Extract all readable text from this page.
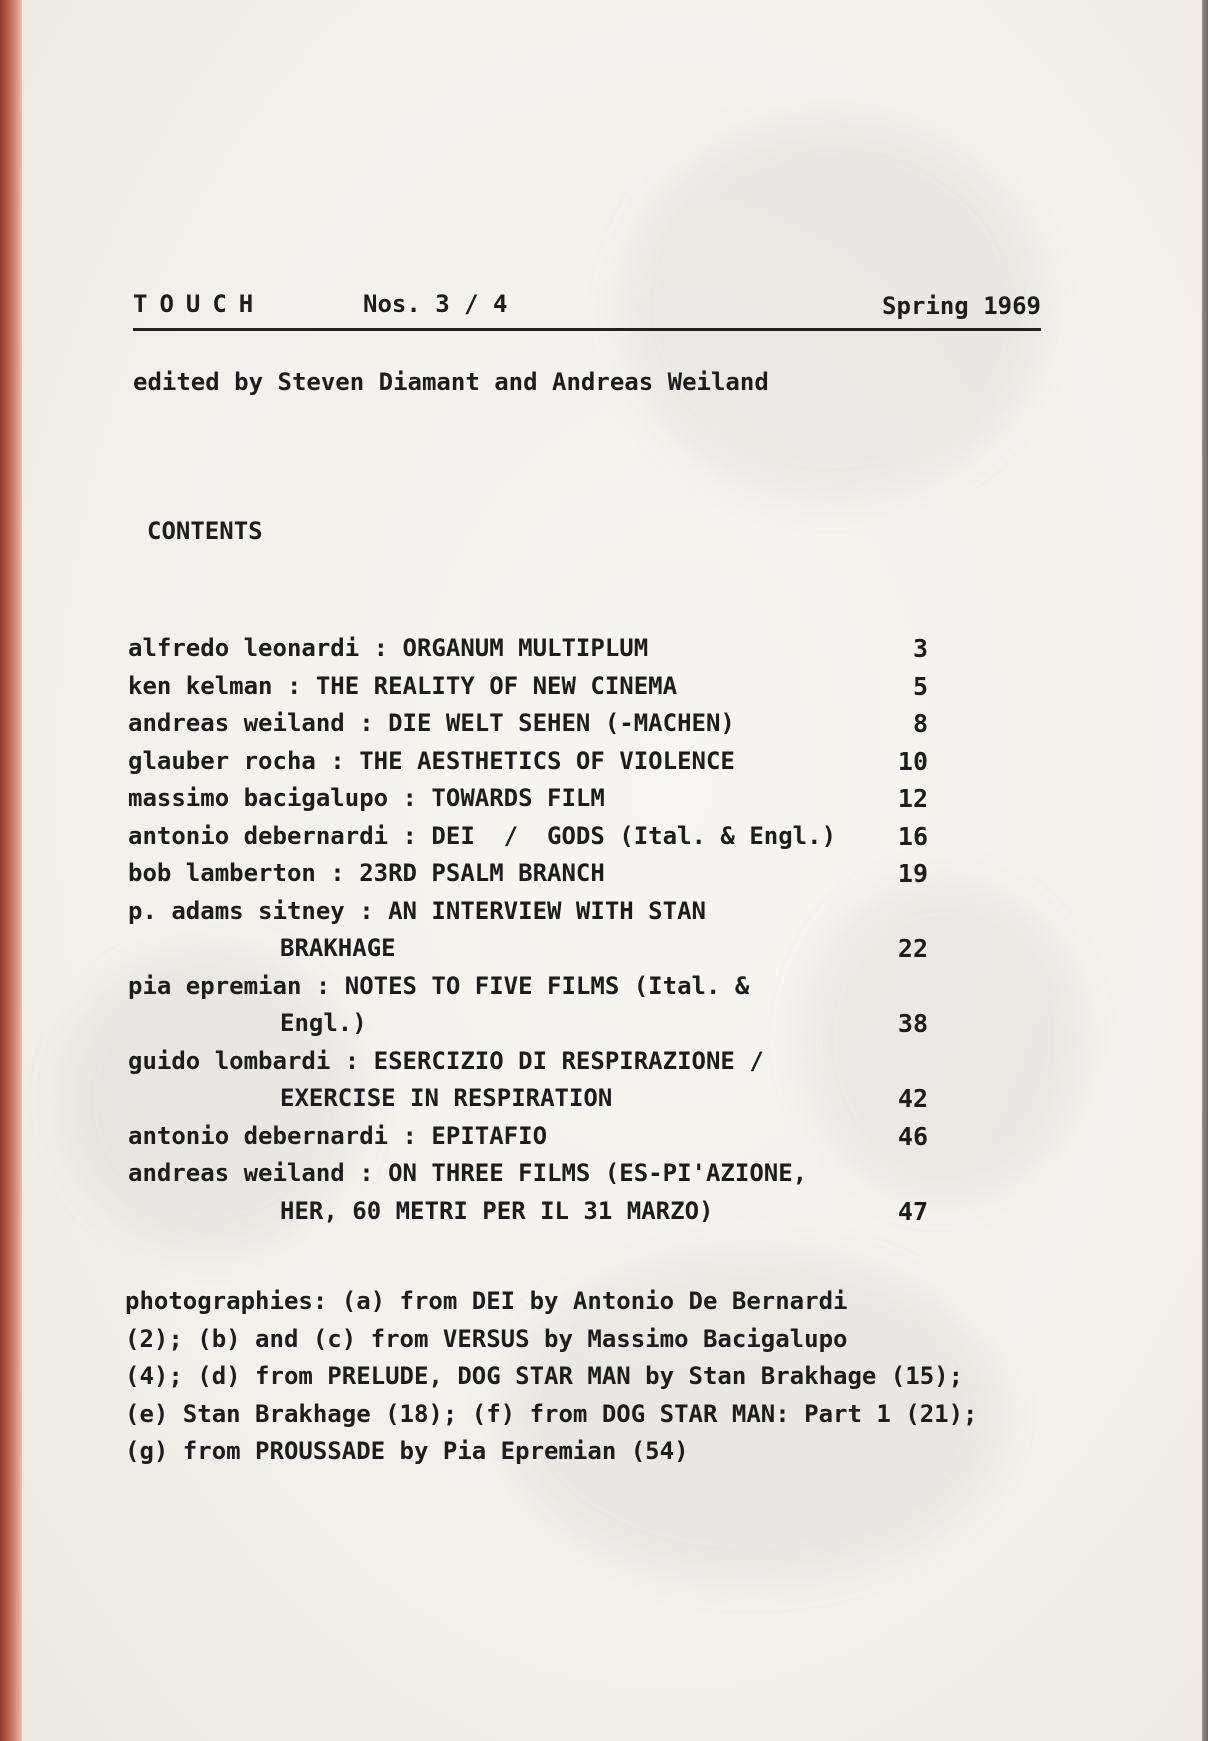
TOUCH	Nos. 3 / 4	Spring 1969
edited by Steven Diamant and Andreas Weiland
CONTENTS
alfredo leonardi : ORGANUM MULTIPLUM	3
ken kelman : THE REALITY OF NEW CINEMA	5
andreas weiland : DIE WELT SEHEN (-MACHEN)	8
glauber rocha : THE AESTHETICS OF VIOLENCE	10
massimo bacigalupo : TOWARDS FILM	12
antonio debernardi : DEI  /  GODS (Ital. & Engl.)	16
bob lamberton : 23RD PSALM BRANCH	19
p. adams sitney : AN INTERVIEW WITH STAN
BRAKHAGE	22
pia epremian : NOTES TO FIVE FILMS (Ital. &
Engl.)	38
guido lombardi : ESERCIZIO DI RESPIRAZIONE /
EXERCISE IN RESPIRATION	42
antonio debernardi : EPITAFIO	46
andreas weiland : ON THREE FILMS (ES-PI'AZIONE,
HER, 60 METRI PER IL 31 MARZO)	47
photographies: (a) from DEI by Antonio De Bernardi
(2); (b) and (c) from VERSUS by Massimo Bacigalupo
(4); (d) from PRELUDE, DOG STAR MAN by Stan Brakhage (15);
(e) Stan Brakhage (18); (f) from DOG STAR MAN: Part 1 (21);
(g) from PROUSSADE by Pia Epremian (54)
